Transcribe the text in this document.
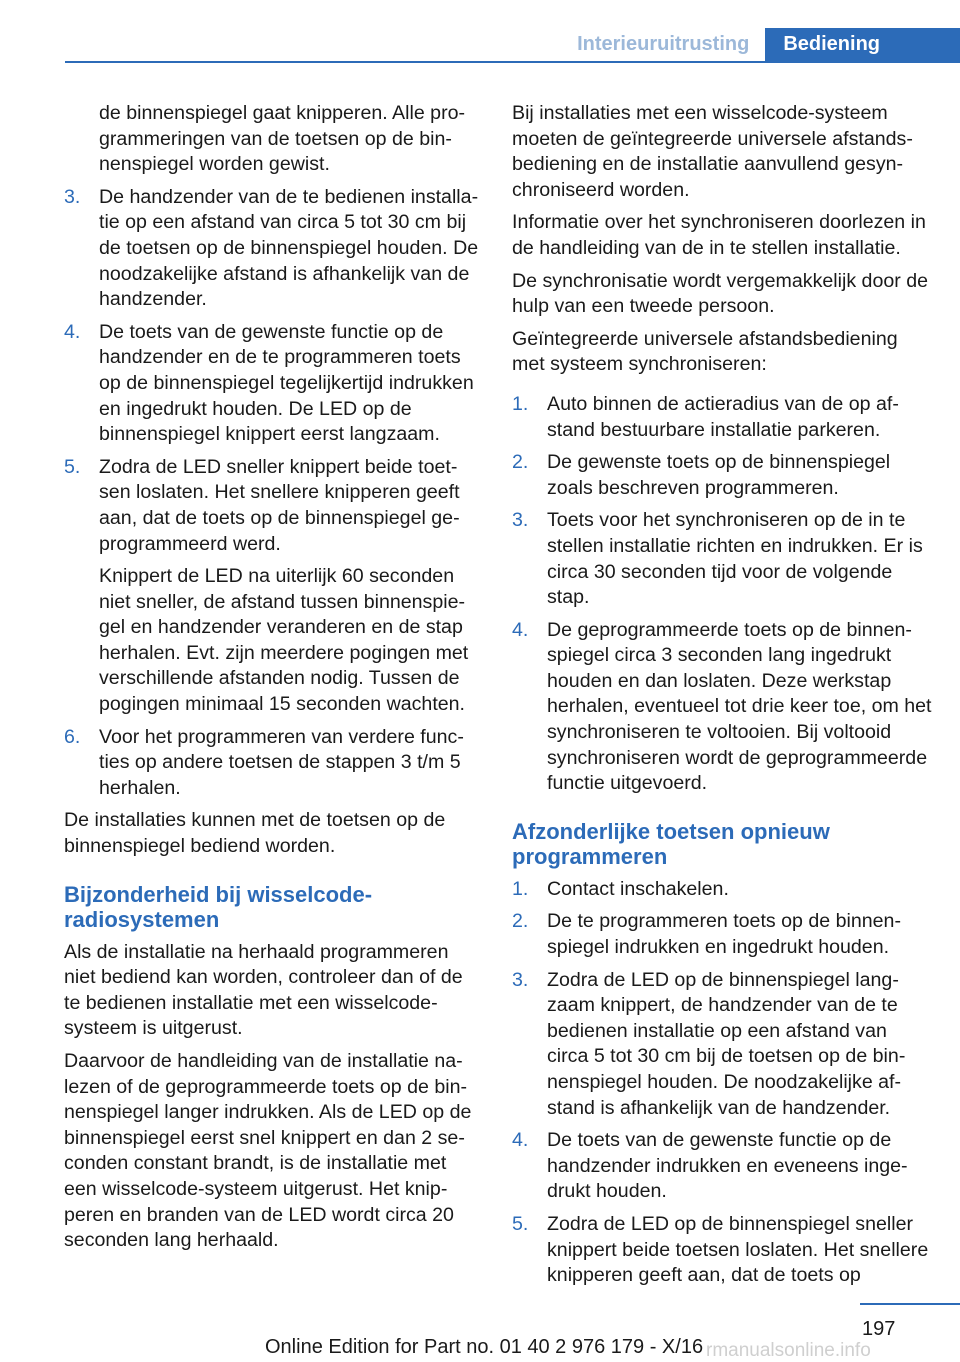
Interieuruitrusting	Bediening
de binnenspiegel gaat knipperen. Alle programmeringen van de toetsen op de binnenspiegel worden gewist.
3. De handzender van de te bedienen installatie op een afstand van circa 5 tot 30 cm bij de toetsen op de binnenspiegel houden. De noodzakelijke afstand is afhankelijk van de handzender.
4. De toets van de gewenste functie op de handzender en de te programmeren toets op de binnenspiegel tegelijkertijd indrukken en ingedrukt houden. De LED op de binnenspiegel knippert eerst langzaam.
5. Zodra de LED sneller knippert beide toetsen loslaten. Het snellere knipperen geeft aan, dat de toets op de binnenspiegel geprogrammeerd werd.
Knippert de LED na uiterlijk 60 seconden niet sneller, de afstand tussen binnenspiegel en handzender veranderen en de stap herhalen. Evt. zijn meerdere pogingen met verschillende afstanden nodig. Tussen de pogingen minimaal 15 seconden wachten.
6. Voor het programmeren van verdere functies op andere toetsen de stappen 3 t/m 5 herhalen.
De installaties kunnen met de toetsen op de binnenspiegel bediend worden.
Bijzonderheid bij wisselcoderadiosystemen
Als de installatie na herhaald programmeren niet bediend kan worden, controleer dan of de te bedienen installatie met een wisselcodesysteem is uitgerust.
Daarvoor de handleiding van de installatie nalezen of de geprogrammeerde toets op de binnenspiegel langer indrukken. Als de LED op de binnenspiegel eerst snel knippert en dan 2 seconden constant brandt, is de installatie met een wisselcode-systeem uitgerust. Het knipperen en branden van de LED wordt circa 20 seconden lang herhaald.
Bij installaties met een wisselcode-systeem moeten de geïntegreerde universele afstandsbediening en de installatie aanvullend gesynchroniseerd worden.
Informatie over het synchroniseren doorlezen in de handleiding van de in te stellen installatie.
De synchronisatie wordt vergemakkelijk door de hulp van een tweede persoon.
Geïntegreerde universele afstandsbediening met systeem synchroniseren:
1. Auto binnen de actieradius van de op afstand bestuurbare installatie parkeren.
2. De gewenste toets op de binnenspiegel zoals beschreven programmeren.
3. Toets voor het synchroniseren op de in te stellen installatie richten en indrukken. Er is circa 30 seconden tijd voor de volgende stap.
4. De geprogrammeerde toets op de binnenspiegel circa 3 seconden lang ingedrukt houden en dan loslaten. Deze werkstap herhalen, eventueel tot drie keer toe, om het synchroniseren te voltooien. Bij voltooid synchroniseren wordt de geprogrammeerde functie uitgevoerd.
Afzonderlijke toetsen opnieuw programmeren
1. Contact inschakelen.
2. De te programmeren toets op de binnenspiegel indrukken en ingedrukt houden.
3. Zodra de LED op de binnenspiegel langzaam knippert, de handzender van de te bedienen installatie op een afstand van circa 5 tot 30 cm bij de toetsen op de binnenspiegel houden. De noodzakelijke afstand is afhankelijk van de handzender.
4. De toets van de gewenste functie op de handzender indrukken en eveneens ingedrukt houden.
5. Zodra de LED op de binnenspiegel sneller knippert beide toetsen loslaten. Het snellere knipperen geeft aan, dat de toets op
197
Online Edition for Part no. 01 40 2 976 179 - X/16 rmanualsonline.info
